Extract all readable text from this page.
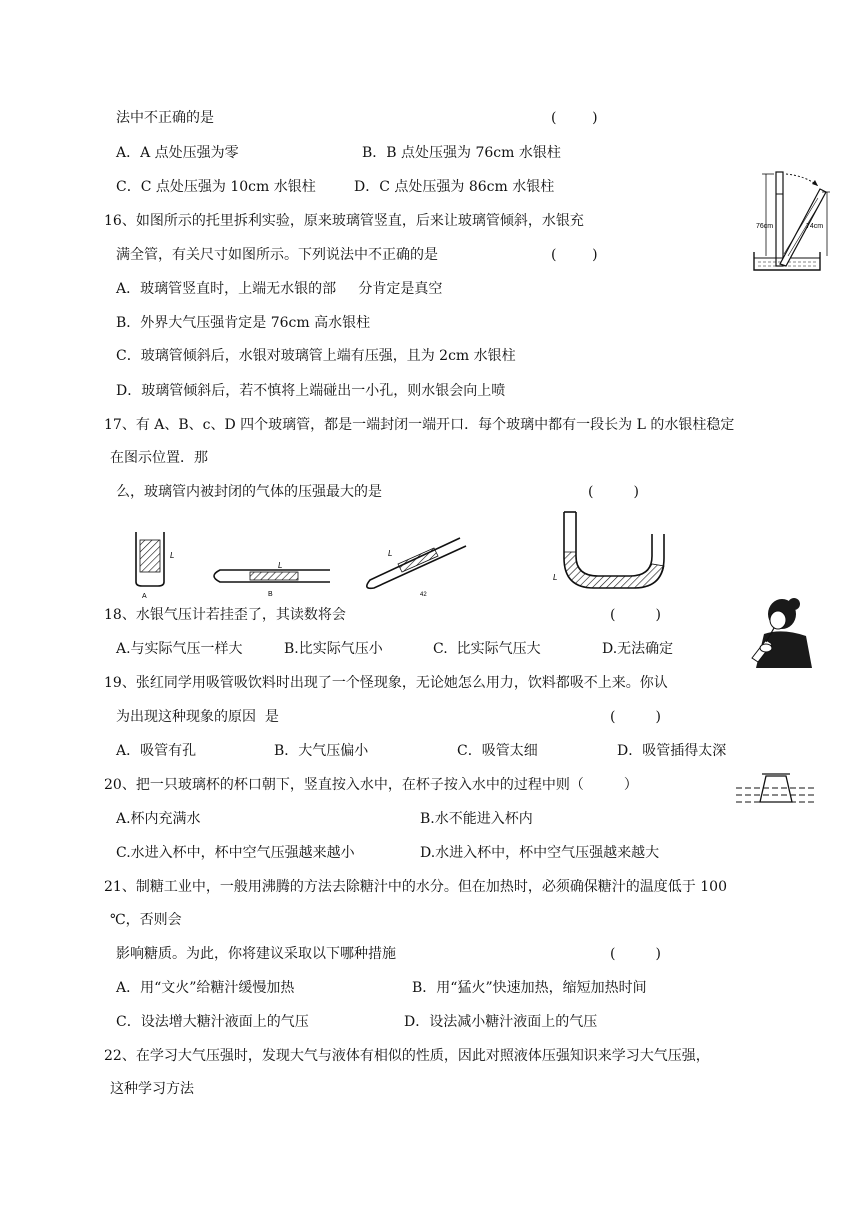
法中不正确的是	(        )
A．A 点处压强为零	B．B 点处压强为 76cm 水银柱
C．C 点处压强为 10cm 水银柱	D．C 点处压强为 86cm 水银柱
76cm	74cm
16、如图所示的托里拆利实验，原来玻璃管竖直，后来让玻璃管倾斜，水银充
满全管，有关尺寸如图所示。下列说法中不正确的是	(        )
A．玻璃管竖直时，上端无水银的部     分肯定是真空
B．外界大气压强肯定是 76cm 高水银柱
C．玻璃管倾斜后，水银对玻璃管上端有压强，且为 2cm 水银柱
D．玻璃管倾斜后，若不慎将上端碰出一小孔，则水银会向上喷
17、有 A、B、c、D 四个玻璃管，都是一端封闭一端开口．每个玻璃中都有一段长为 L 的水银柱稳定
在图示位置．那
么，玻璃管内被封闭的气体的压强最大的是	(         )
L
A
L
B
L
42
L
18、水银气压计若挂歪了，其读数将会	(         )
A.与实际气压一样大	B.比实际气压小	C.  比实际气压大	D.无法确定
19、张红同学用吸管吸饮料时出现了一个怪现象，无论她怎么用力，饮料都吸不上来。你认
为出现这种现象的原因  是	(         )
A．吸管有孔	B．大气压偏小	C．吸管太细	D．吸管插得太深
20、把一只玻璃杯的杯口朝下，竖直按入水中，在杯子按入水中的过程中则（         ）
A.杯内充满水	B.水不能进入杯内
C.水进入杯中，杯中空气压强越来越小	D.水进入杯中，杯中空气压强越来越大
21、制糖工业中，一般用沸腾的方法去除糖汁中的水分。但在加热时，必须确保糖汁的温度低于 100
℃，否则会
影响糖质。为此，你将建议采取以下哪种措施	(         )
A．用“文火”给糖汁缓慢加热	B．用“猛火”快速加热，缩短加热时间
C．设法增大糖汁液面上的气压	D．设法减小糖汁液面上的气压
22、在学习大气压强时，发现大气与液体有相似的性质，因此对照液体压强知识来学习大气压强，
这种学习方法
